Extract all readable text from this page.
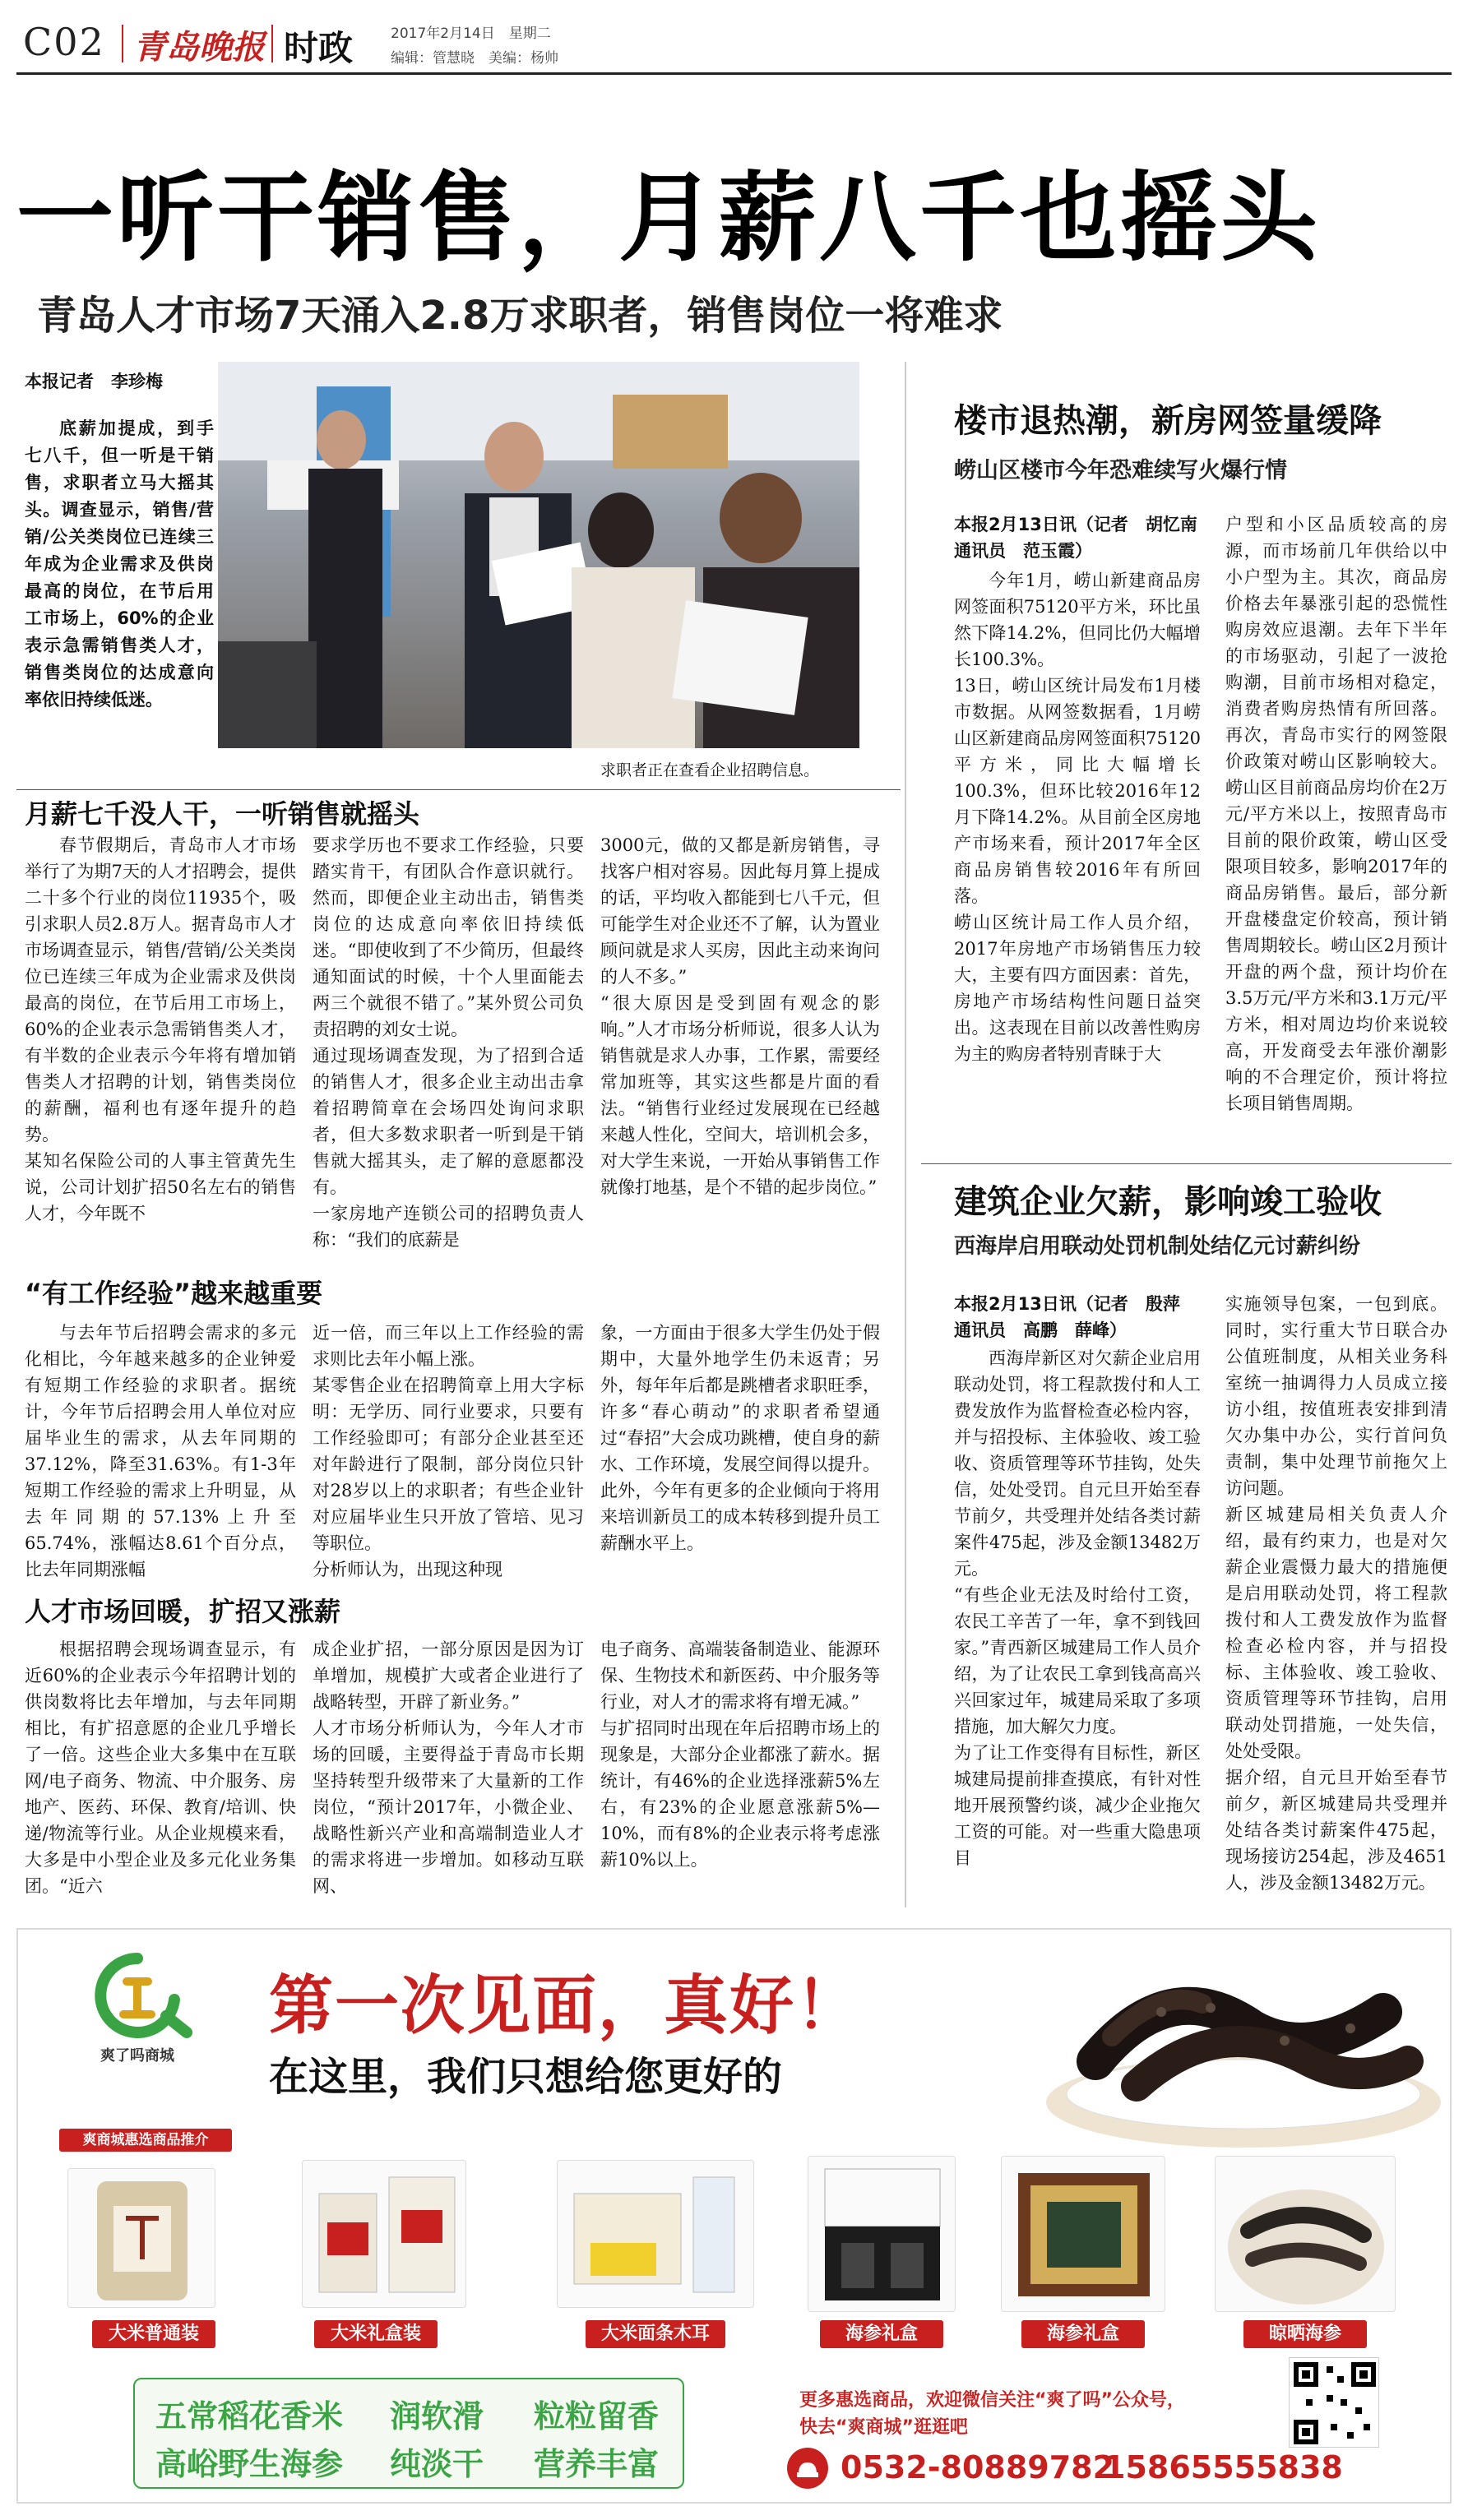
C02 青岛晚报 时政	2017年2月14日　 星期二
编辑：管慧晓　 美编：杨帅
一听干销售，月薪八千也摇头
青岛人才市场7天涌入2.8万求职者，销售岗位一将难求
本报记者　李珍梅
底薪加提成，到手七八千，但一听是干销售，求职者立马大摇其头。调查显示，销售/营销/公关类岗位已连续三年成为企业需求及供岗最高的岗位，在节后用工市场上，60%的企业表示急需销售类人才，销售类岗位的达成意向率依旧持续低迷。
求职者正在查看企业招聘信息。
月薪七千没人干，一听销售就摇头
春节假期后，青岛市人才市场举行了为期7天的人才招聘会，提供二十多个行业的岗位11935个，吸引求职人员2.8万人。据青岛市人才市场调查显示，销售/营销/公关类岗位已连续三年成为企业需求及供岗最高的岗位，在节后用工市场上，60%的企业表示急需销售类人才，有半数的企业表示今年将有增加销售类人才招聘的计划，销售类岗位的薪酬，福利也有逐年提升的趋势。
某知名保险公司的人事主管黄先生说，公司计划扩招50名左右的销售人才，今年既不
要求学历也不要求工作经验，只要踏实肯干，有团队合作意识就行。然而，即便企业主动出击，销售类岗位的达成意向率依旧持续低迷。“即使收到了不少简历，但最终通知面试的时候，十个人里面能去两三个就很不错了。”某外贸公司负责招聘的刘女士说。
通过现场调查发现，为了招到合适的销售人才，很多企业主动出击拿着招聘简章在会场四处询问求职者，但大多数求职者一听到是干销售就大摇其头，走了解的意愿都没有。
一家房地产连锁公司的招聘负责人称：“我们的底薪是
3000元，做的又都是新房销售，寻找客户相对容易。因此每月算上提成的话，平均收入都能到七八千元，但可能学生对企业还不了解，认为置业顾问就是求人买房，因此主动来询问的人不多。”
“很大原因是受到固有观念的影响。”人才市场分析师说，很多人认为销售就是求人办事，工作累，需要经常加班等，其实这些都是片面的看法。“销售行业经过发展现在已经越来越人性化，空间大，培训机会多，对大学生来说，一开始从事销售工作就像打地基，是个不错的起步岗位。”
“有工作经验”越来越重要
与去年节后招聘会需求的多元化相比，今年越来越多的企业钟爱有短期工作经验的求职者。据统计，今年节后招聘会用人单位对应届毕业生的需求，从去年同期的37.12%，降至31.63%。有1-3年短期工作经验的需求上升明显，从去年同期的57.13%上升至65.74%，涨幅达8.61个百分点，比去年同期涨幅
近一倍，而三年以上工作经验的需求则比去年小幅上涨。
某零售企业在招聘简章上用大字标明：无学历、同行业要求，只要有工作经验即可；有部分企业甚至还对年龄进行了限制，部分岗位只针对28岁以上的求职者；有些企业针对应届毕业生只开放了管培、见习等职位。
分析师认为，出现这种现
象，一方面由于很多大学生仍处于假期中，大量外地学生仍未返青；另外，每年年后都是跳槽者求职旺季，许多“春心萌动”的求职者希望通过“春招”大会成功跳槽，使自身的薪水、工作环境，发展空间得以提升。此外，今年有更多的企业倾向于将用来培训新员工的成本转移到提升员工薪酬水平上。
人才市场回暖，扩招又涨薪
根据招聘会现场调查显示，有近60%的企业表示今年招聘计划的供岗数将比去年增加，与去年同期相比，有扩招意愿的企业几乎增长了一倍。这些企业大多集中在互联网/电子商务、物流、中介服务、房地产、医药、环保、教育/培训、快递/物流等行业。从企业规模来看，大多是中小型企业及多元化业务集团。“近六
成企业扩招，一部分原因是因为订单增加，规模扩大或者企业进行了战略转型，开辟了新业务。”
人才市场分析师认为，今年人才市场的回暖，主要得益于青岛市长期坚持转型升级带来了大量新的工作岗位，“预计2017年，小微企业、战略性新兴产业和高端制造业人才的需求将进一步增加。如移动互联网、
电子商务、高端装备制造业、能源环保、生物技术和新医药、中介服务等行业，对人才的需求将有增无减。”
与扩招同时出现在年后招聘市场上的现象是，大部分企业都涨了薪水。据统计，有46%的企业选择涨薪5%左右，有23%的企业愿意涨薪5%—10%，而有8%的企业表示将考虑涨薪10%以上。
楼市退热潮，新房网签量缓降
崂山区楼市今年恐难续写火爆行情
本报2月13日讯（记者　胡忆南　通讯员　范玉霞）
今年1月，崂山新建商品房网签面积75120平方米，环比虽然下降14.2%，但同比仍大幅增长100.3%。
13日，崂山区统计局发布1月楼市数据。从网签数据看，1月崂山区新建商品房网签面积75120平方米，同比大幅增长100.3%，但环比较2016年12月下降14.2%。从目前全区房地产市场来看，预计2017年全区商品房销售较2016年有所回落。
崂山区统计局工作人员介绍，2017年房地产市场销售压力较大，主要有四方面因素：首先，房地产市场结构性问题日益突出。这表现在目前以改善性购房为主的购房者特别青睐于大
户型和小区品质较高的房源，而市场前几年供给以中小户型为主。其次，商品房价格去年暴涨引起的恐慌性购房效应退潮。去年下半年的市场驱动，引起了一波抢购潮，目前市场相对稳定，消费者购房热情有所回落。再次，青岛市实行的网签限价政策对崂山区影响较大。崂山区目前商品房均价在2万元/平方米以上，按照青岛市目前的限价政策，崂山区受限项目较多，影响2017年的商品房销售。最后，部分新开盘楼盘定价较高，预计销售周期较长。崂山区2月预计开盘的两个盘，预计均价在3.5万元/平方米和3.1万元/平方米，相对周边均价来说较高，开发商受去年涨价潮影响的不合理定价，预计将拉长项目销售周期。
建筑企业欠薪，影响竣工验收
西海岸启用联动处罚机制处结亿元讨薪纠纷
本报2月13日讯（记者　殷萍　通讯员　高鹏　薛峰）
西海岸新区对欠薪企业启用联动处罚，将工程款拨付和人工费发放作为监督检查必检内容，并与招投标、主体验收、竣工验收、资质管理等环节挂钩，处失信，处处受罚。自元旦开始至春节前夕，共受理并处结各类讨薪案件475起，涉及金额13482万元。
“有些企业无法及时给付工资，农民工辛苦了一年，拿不到钱回家。”青西新区城建局工作人员介绍，为了让农民工拿到钱高高兴兴回家过年，城建局采取了多项措施，加大解欠力度。
为了让工作变得有目标性，新区城建局提前排查摸底，有针对性地开展预警约谈，减少企业拖欠工资的可能。对一些重大隐患项目
实施领导包案，一包到底。同时，实行重大节日联合办公值班制度，从相关业务科室统一抽调得力人员成立接访小组，按值班表安排到清欠办集中办公，实行首问负责制，集中处理节前拖欠上访问题。
新区城建局相关负责人介绍，最有约束力，也是对欠薪企业震慑力最大的措施便是启用联动处罚，将工程款拨付和人工费发放作为监督检查必检内容，并与招投标、主体验收、竣工验收、资质管理等环节挂钩，启用联动处罚措施，一处失信，处处受限。
据介绍，自元旦开始至春节前夕，新区城建局共受理并处结各类讨薪案件475起，现场接访254起，涉及4651人，涉及金额13482万元。
爽了吗商城
第一次见面，真好！
在这里，我们只想给您更好的
爽商城惠选商品推介
大米普通装	大米礼盒装	大米面条木耳	海参礼盒	海参礼盒	晾晒海参
五常稻花香米 润软滑 粒粒留香
高峪野生海参 纯淡干 营养丰富
更多惠选商品，欢迎微信关注“爽了吗”公众号，
快去“爽商城”逛逛吧
0532-80889782
15865555838
